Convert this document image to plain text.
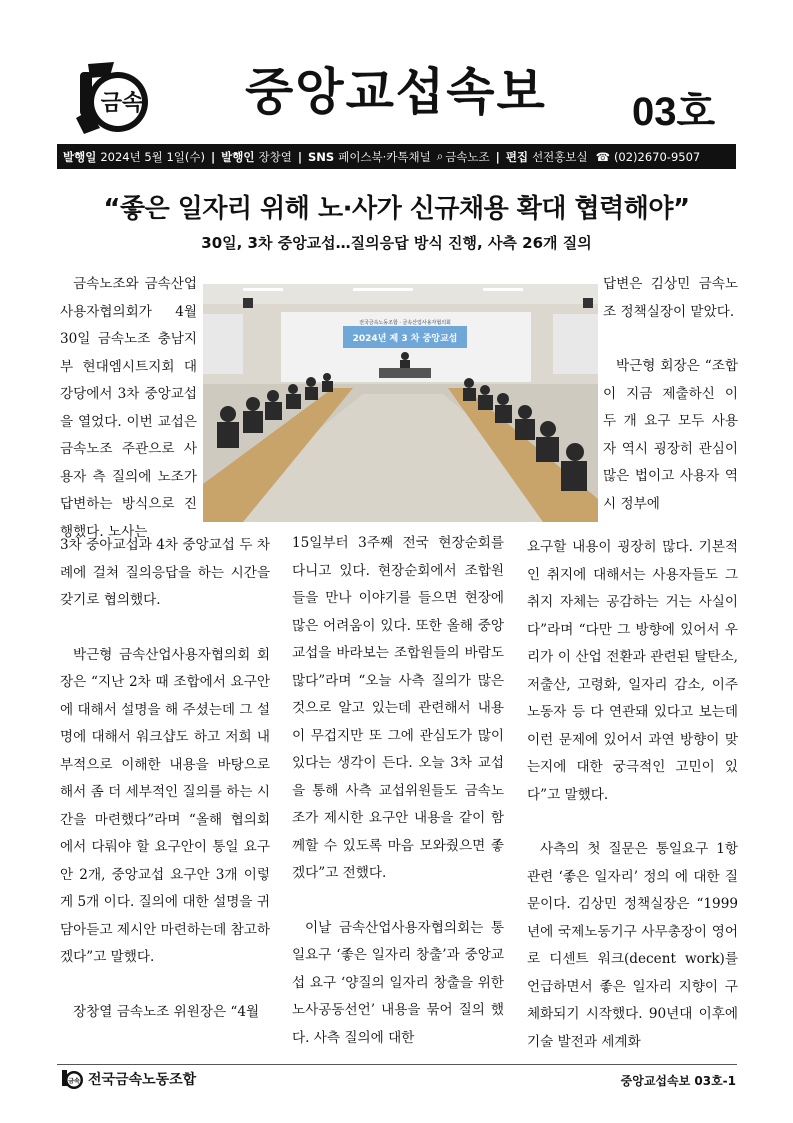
금속 중앙교섭속보 03호
발행일 2024년 5월 1일(수) | 발행인 장창열 | SNS 페이스북·카톡채널 ⌕ 금속노조 | 편집 선전홍보실 ☎ (02)2670-9507
“좋은 일자리 위해 노·사가 신규채용 확대 협력해야”
30일, 3차 중앙교섭…질의응답 방식 진행, 사측 26개 질의
전국금속노동조합 · 금속산업사용자협의회
2024년 제 3 차 중앙교섭

금속노조와 금속산업사용자협의회가 4월 30일 금속노조 충남지부 현대엠시트지회 대강당에서 3차 중앙교섭을 열었다. 이번 교섭은 금속노조 주관으로 사용자 측 질의에 노조가 답변하는 방식으로 진행했다. 노사는

3차 중아교섭과 4차 중앙교섭 두 차례에 걸쳐 질의응답을 하는 시간을 갖기로 협의했다.

박근형 금속산업사용자협의회 회장은 “지난 2차 때 조합에서 요구안에 대해서 설명을 해 주셨는데 그 설명에 대해서 워크샵도 하고 저희 내부적으로 이해한 내용을 바탕으로 해서 좀 더 세부적인 질의를 하는 시간을 마련했다”라며 “올해 협의회에서 다뤄야 할 요구안이 통일 요구안 2개, 중앙교섭 요구안 3개 이렇게 5개 이다. 질의에 대한 설명을 귀담아듣고 제시안 마련하는데 참고하겠다”고 말했다.

장창열 금속노조 위원장은 “4월

15일부터 3주째 전국 현장순회를 다니고 있다. 현장순회에서 조합원들을 만나 이야기를 들으면 현장에 많은 어려움이 있다. 또한 올해 중앙교섭을 바라보는 조합원들의 바람도 많다”라며 “오늘 사측 질의가 많은것으로 알고 있는데 관련해서 내용이 무겁지만 또 그에 관심도가 많이 있다는 생각이 든다. 오늘 3차 교섭을 통해 사측 교섭위원들도 금속노조가 제시한 요구안 내용을 같이 함께할 수 있도록 마음 모와줬으면 좋겠다”고 전했다.

이날 금속산업사용자협의회는 통일요구 ‘좋은 일자리 창출’과 중앙교섭 요구 ‘양질의 일자리 창출을 위한 노사공동선언’ 내용을 묶어 질의 했다. 사측 질의에 대한

답변은 김상민 금속노조 정책실장이 맡았다.

박근형 회장은 “조합이 지금 제출하신 이 두 개 요구 모두 사용자 역시 굉장히 관심이 많은 법이고 사용자 역시 정부에

요구할 내용이 굉장히 많다. 기본적인 취지에 대해서는 사용자들도 그 취지 자체는 공감하는 거는 사실이다”라며 “다만 그 방향에 있어서 우리가 이 산업 전환과 관련된 탈탄소, 저출산, 고령화, 일자리 감소, 이주노동자 등 다 연관돼 있다고 보는데 이런 문제에 있어서 과연 방향이 맞는지에 대한 궁극적인 고민이 있다”고 말했다.

사측의 첫 질문은 통일요구 1항 관련 ‘좋은 일자리’ 정의 에 대한 질문이다. 김상민 정책실장은 “1999년에 국제노동기구 사무총장이 영어로 디센트 워크(decent work)를 언급하면서 좋은 일자리 지향이 구체화되기 시작했다. 90년대 이후에 기술 발전과 세계화

금속 전국금속노동조합	중앙교섭속보 03호-1
